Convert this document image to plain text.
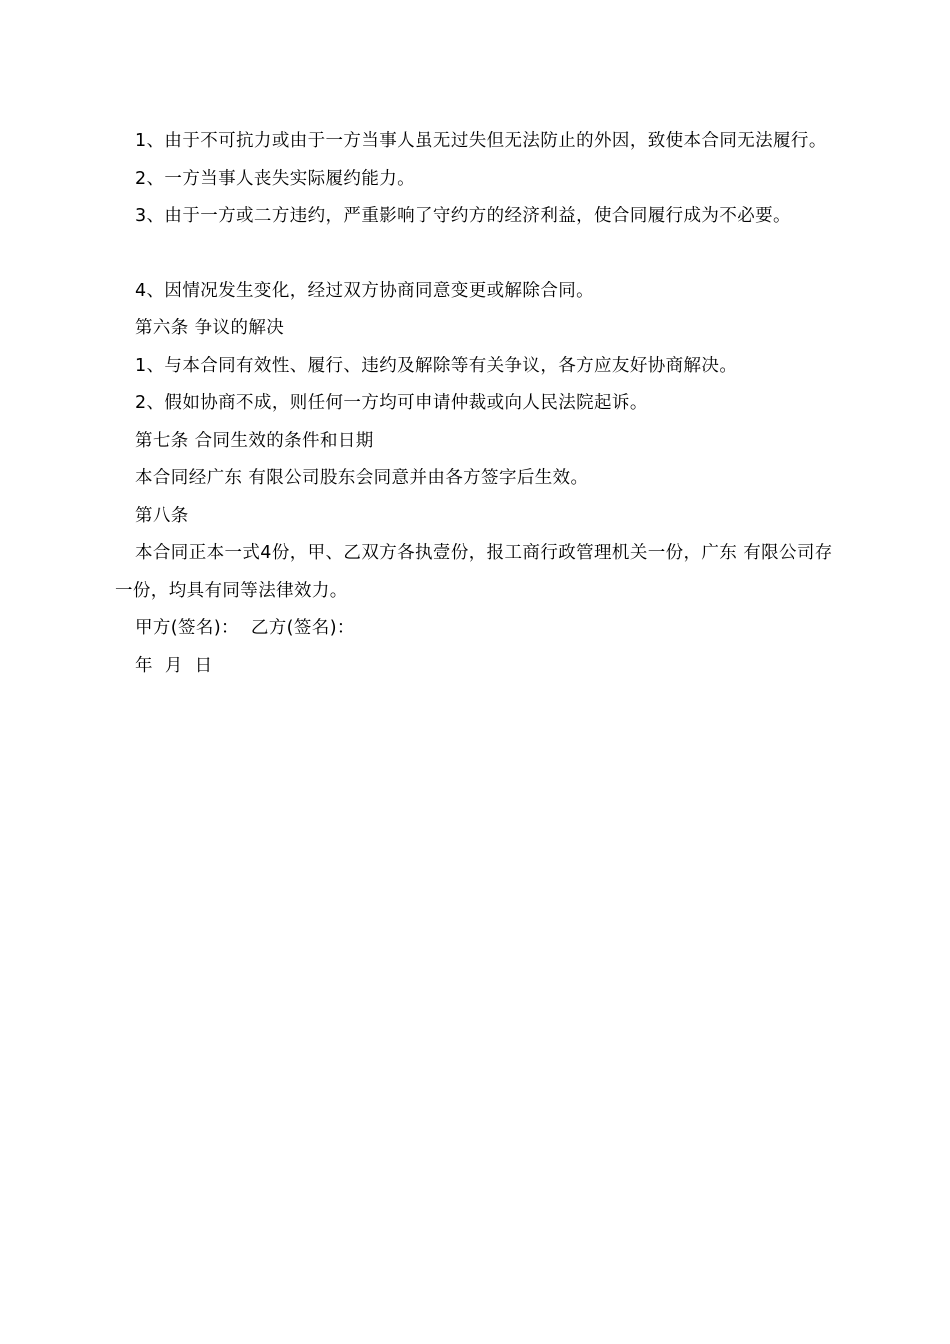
1、由于不可抗力或由于一方当事人虽无过失但无法防止的外因，致使本合同无法履行。

2、一方当事人丧失实际履约能力。

3、由于一方或二方违约，严重影响了守约方的经济利益，使合同履行成为不必要。

4、因情况发生变化，经过双方协商同意变更或解除合同。

第六条 争议的解决

1、与本合同有效性、履行、违约及解除等有关争议，各方应友好协商解决。

2、假如协商不成，则任何一方均可申请仲裁或向人民法院起诉。

第七条 合同生效的条件和日期

本合同经广东 有限公司股东会同意并由各方签字后生效。

第八条

本合同正本一式4份，甲、乙双方各执壹份，报工商行政管理机关一份，广东 有限公司存一份，均具有同等法律效力。

甲方(签名)：  乙方(签名)：

年  月  日
